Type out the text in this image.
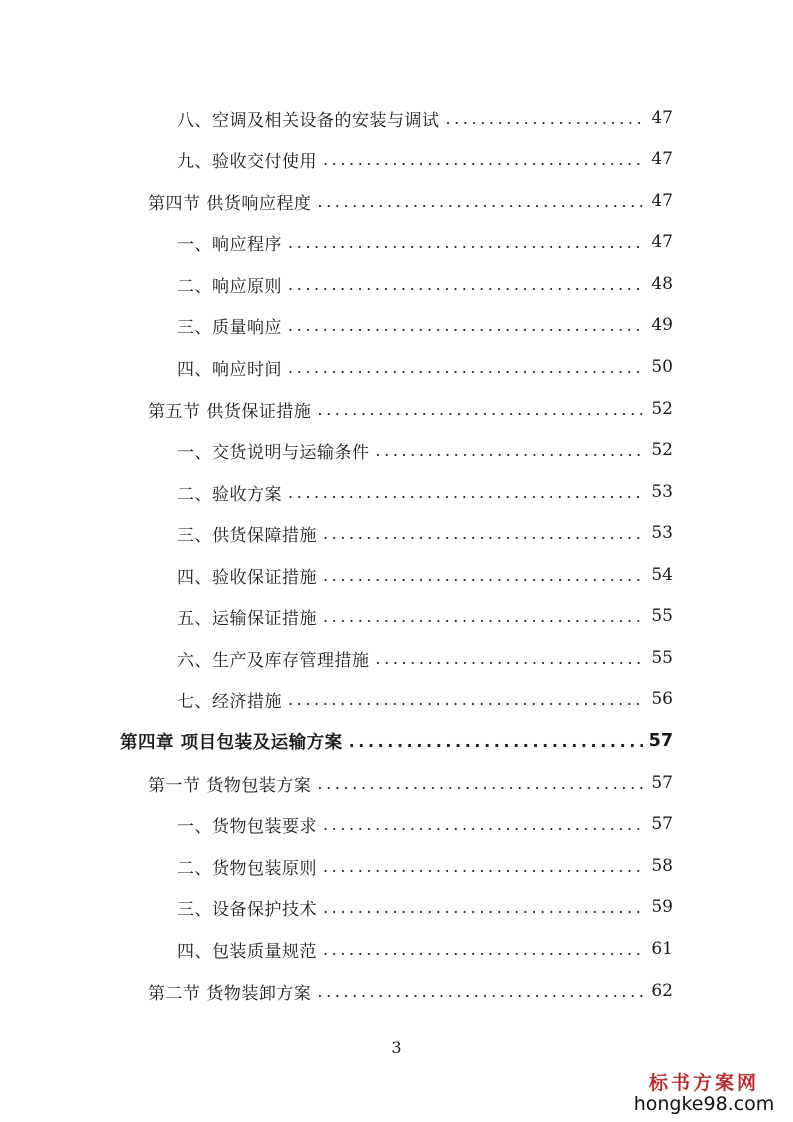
八、空调及相关设备的安装与调试 .....	47
九、验收交付使用 .....	47
第四节 供货响应程度 .....	47
一、响应程序 .....	47
二、响应原则 .....	48
三、质量响应 .....	49
四、响应时间 .....	50
第五节 供货保证措施 .....	52
一、交货说明与运输条件 .....	52
二、验收方案 .....	53
三、供货保障措施 .....	53
四、验收保证措施 .....	54
五、运输保证措施 .....	55
六、生产及库存管理措施 .....	55
七、经济措施 .....	56
第四章 项目包装及运输方案 .....	57
第一节 货物包装方案 .....	57
一、货物包装要求 .....	57
二、货物包装原则 .....	58
三、设备保护技术 .....	59
四、包装质量规范 .....	61
第二节 货物装卸方案 .....	62
3
标书方案网
hongke98.com
